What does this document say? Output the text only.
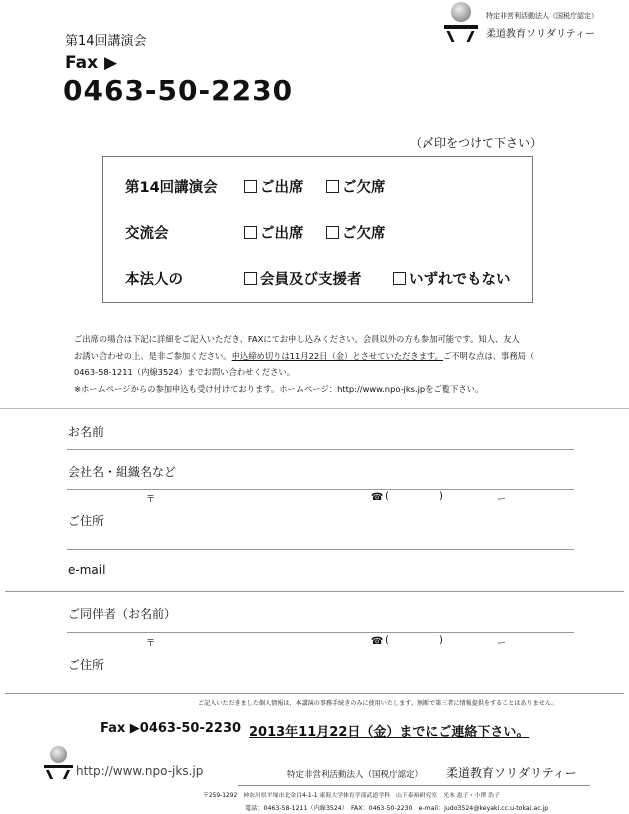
特定非営利活動法人（国税庁認定）
柔道教育ソリダリティー
第14回講演会
Fax ▶
0463-50-2230
（〆印をつけて下さい）
第14回講演会	ご出席	ご欠席
交流会	ご出席	ご欠席
本法人の	会員及び支援者	いずれでもない
ご出席の場合は下記に詳細をご記入いただき、FAXにてお申し込みください。会員以外の方も参加可能です。知人、友人
お誘い合わせの上、是非ご参加ください。申込締め切りは11月22日（金）とさせていただきます。ご不明な点は、事務局（
0463-58-1211（内線3524）までお問い合わせください。
※ホームページからの参加申込も受け付けております。ホームページ：http://www.npo-jks.jpをご覧下さい。
お名前
会社名・組織名など
〒	☎ (	)	ー
ご住所
e-mail
ご同伴者（お名前）
〒	☎ (	)	ー
ご住所
ご記入いただきました個人情報は、本講演の事務手続きのみに使用いたします。無断で第三者に情報提供をすることはありません。
Fax ▶0463-50-2230 2013年11月22日（金）までにご連絡下さい。
http://www.npo-jks.jp	特定非営利活動法人（国税庁認定） 柔道教育ソリダリティー
〒259-1292　神奈川県平塚市北金目4-1-1 東海大学体育学部武道学科　山下泰裕研究室　光本 恵子・小澤 浩子
電話：0463-58-1211（内線3524）　FAX：0463-50-2230　e-mail：judo3524@keyaki.cc.u-tokai.ac.jp
